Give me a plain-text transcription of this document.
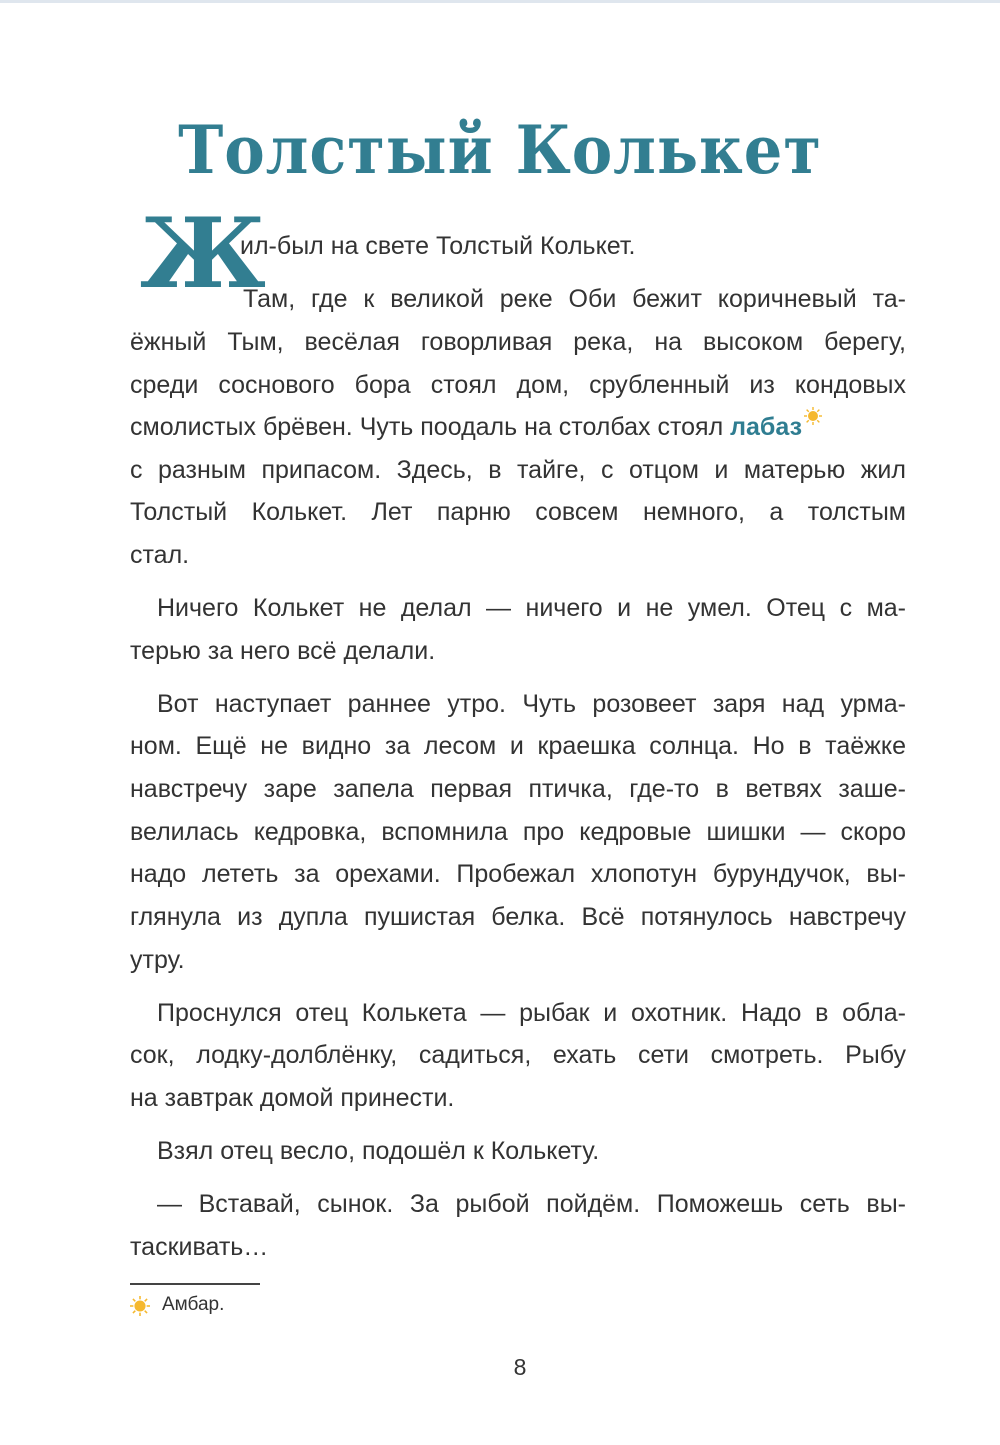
Толстый Колькет
Ж
ил-был на свете Толстый Колькет.
Там, где к великой реке Оби бежит коричневый та-
ёжный Тым, весёлая говорливая река, на высоком берегу,
среди соснового бора стоял дом, срубленный из кондовых
смолистых брёвен. Чуть поодаль на столбах стоял лабаз
с разным припасом. Здесь, в тайге, с отцом и матерью жил
Толстый Колькет. Лет парню совсем немного, а толстым
стал.
Ничего Колькет не делал — ничего и не умел. Отец с ма-
терью за него всё делали.
Вот наступает раннее утро. Чуть розовеет заря над урма-
ном. Ещё не видно за лесом и краешка солнца. Но в таёжке
навстречу заре запела первая птичка, где-то в ветвях заше-
велилась кедровка, вспомнила про кедровые шишки — скоро
надо лететь за орехами. Пробежал хлопотун бурундучок, вы-
глянула из дупла пушистая белка. Всё потянулось навстречу
утру.
Проснулся отец Колькета — рыбак и охотник. Надо в обла-
сок, лодку-долблёнку, садиться, ехать сети смотреть. Рыбу
на завтрак домой принести.
Взял отец весло, подошёл к Колькету.
— Вставай, сынок. За рыбой пойдём. Поможешь сеть вы-
таскивать…
Амбар.
8
